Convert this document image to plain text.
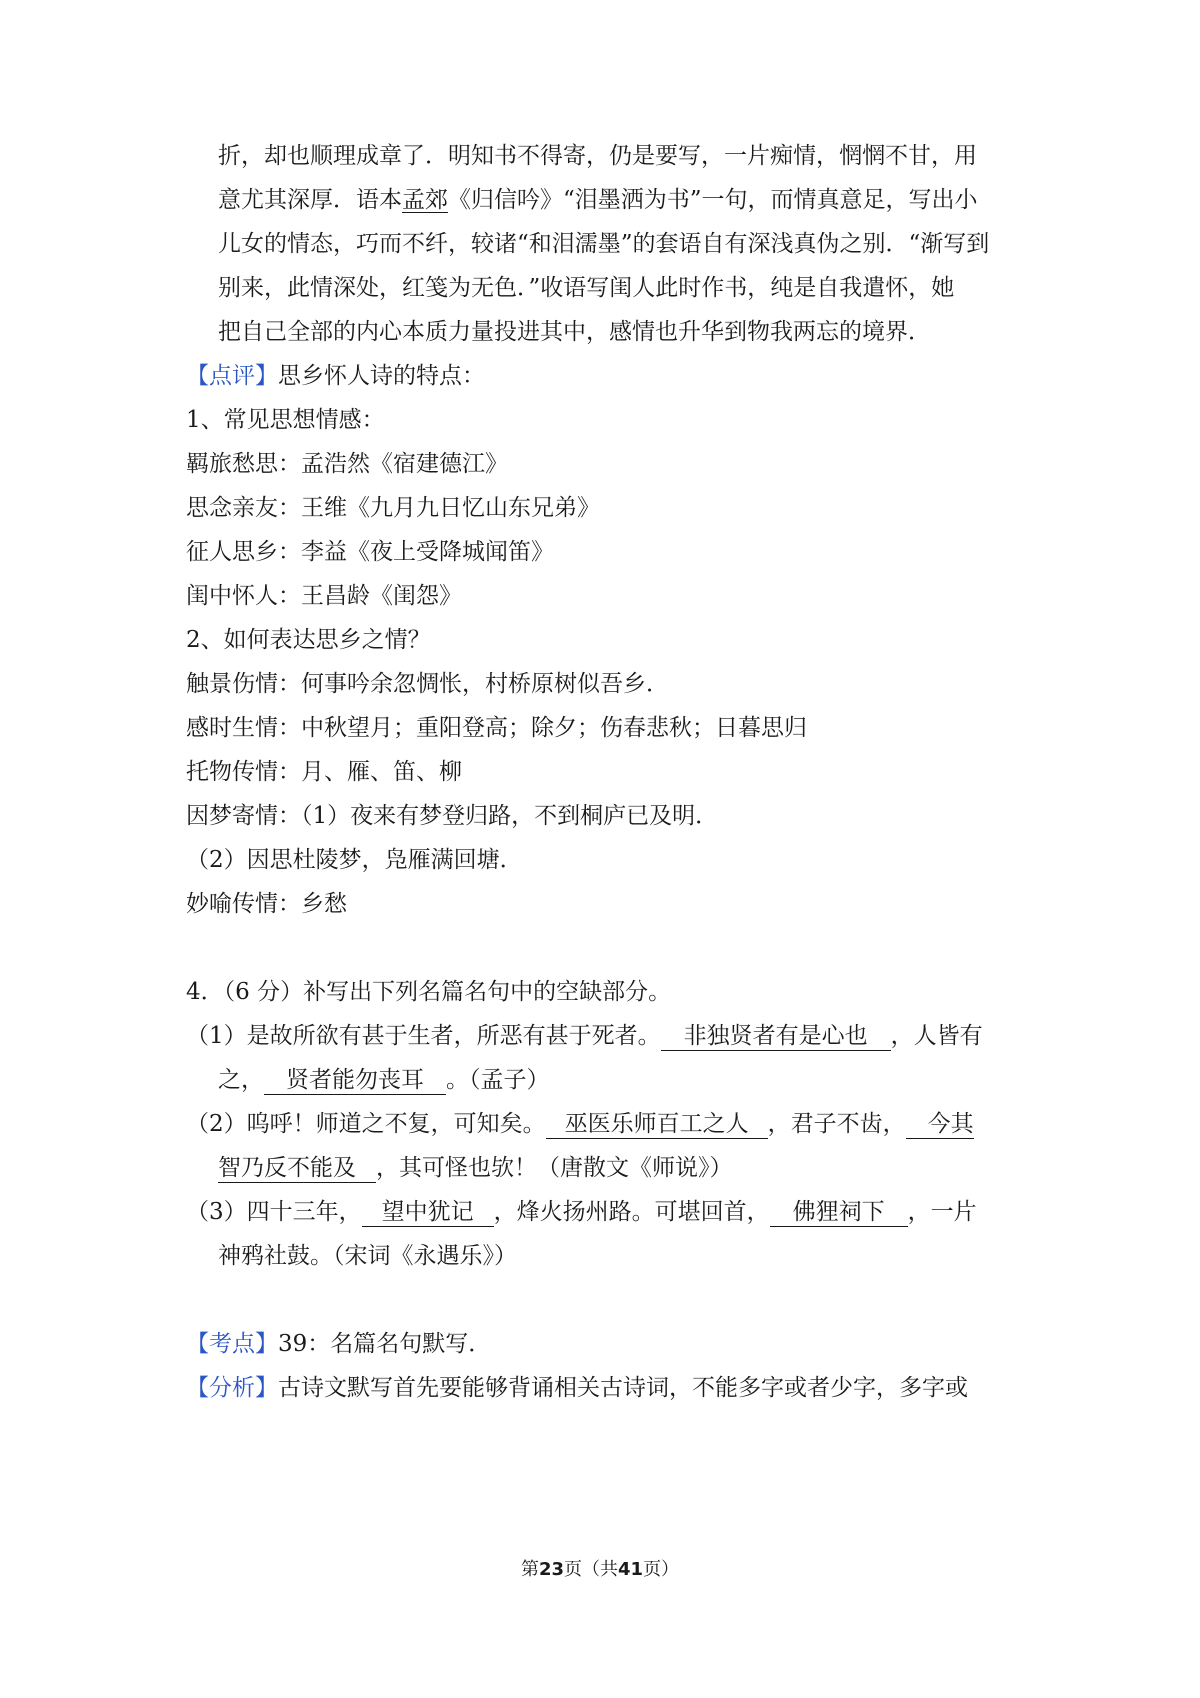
折，却也顺理成章了．明知书不得寄，仍是要写，一片痴情，惘惘不甘，用
意尤其深厚．语本孟郊《归信吟》“泪墨洒为书”一句，而情真意足，写出小
儿女的情态，巧而不纤，较诸“和泪濡墨”的套语自有深浅真伪之别．“渐写到
别来，此情深处，红笺为无色．”收语写闺人此时作书，纯是自我遣怀，她
把自己全部的内心本质力量投进其中，感情也升华到物我两忘的境界．
【点评】思乡怀人诗的特点：
1、常见思想情感：
羁旅愁思：孟浩然《宿建德江》
思念亲友：王维《九月九日忆山东兄弟》
征人思乡：李益《夜上受降城闻笛》
闺中怀人：王昌龄《闺怨》
2、如何表达思乡之情？
触景伤情：何事吟余忽惆怅，村桥原树似吾乡．
感时生情：中秋望月；重阳登高；除夕；伤春悲秋；日暮思归
托物传情：月、雁、笛、柳
因梦寄情：（1）夜来有梦登归路，不到桐庐已及明．
（2）因思杜陵梦，凫雁满回塘．
妙喻传情：乡愁
4．（6 分）补写出下列名篇名句中的空缺部分。
（1）是故所欲有甚于生者，所恶有甚于死者。 非独贤者有是心也 ，人皆有
之， 贤者能勿丧耳 。（孟子）
（2）呜呼！师道之不复，可知矣。 巫医乐师百工之人 ，君子不齿， 今其
智乃反不能及 ，其可怪也欤！（唐散文《师说》）
（3）四十三年， 望中犹记 ，烽火扬州路。可堪回首， 佛狸祠下 ，一片
神鸦社鼓。（宋词《永遇乐》）
【考点】39：名篇名句默写．
【分析】古诗文默写首先要能够背诵相关古诗词，不能多字或者少字，多字或
第23页（共41页）
